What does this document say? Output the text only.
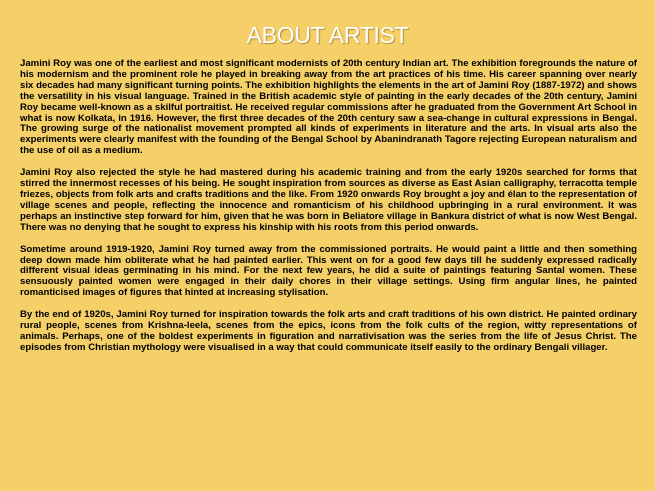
ABOUT ARTIST

Jamini Roy was one of the earliest and most significant modernists of 20th century Indian art. The exhibition foregrounds the nature of his modernism and the prominent role he played in breaking away from the art practices of his time. His career spanning over nearly six decades had many significant turning points. The exhibition highlights the elements in the art of Jamini Roy (1887-1972) and shows the versatility in his visual language. Trained in the British academic style of painting in the early decades of the 20th century, Jamini Roy became well-known as a skilful portraitist. He received regular commissions after he graduated from the Government Art School in what is now Kolkata, in 1916. However, the first three decades of the 20th century saw a sea-change in cultural expressions in Bengal. The growing surge of the nationalist movement prompted all kinds of experiments in literature and the arts. In visual arts also the experiments were clearly manifest with the founding of the Bengal School by Abanindranath Tagore rejecting European naturalism and the use of oil as a medium.

Jamini Roy also rejected the style he had mastered during his academic training and from the early 1920s searched for forms that stirred the innermost recesses of his being. He sought inspiration from sources as diverse as East Asian calligraphy, terracotta temple friezes, objects from folk arts and crafts traditions and the like. From 1920 onwards Roy brought a joy and élan to the representation of village scenes and people, reflecting the innocence and romanticism of his childhood upbringing in a rural environment. It was perhaps an instinctive step forward for him, given that he was born in Beliatore village in Bankura district of what is now West Bengal. There was no denying that he sought to express his kinship with his roots from this period onwards.

Sometime around 1919-1920, Jamini Roy turned away from the commissioned portraits. He would paint a little and then something deep down made him obliterate what he had painted earlier. This went on for a good few days till he suddenly expressed radically different visual ideas germinating in his mind. For the next few years, he did a suite of paintings featuring Santal women. These sensuously painted women were engaged in their daily chores in their village settings. Using firm angular lines, he painted romanticised images of figures that hinted at increasing stylisation.

By the end of 1920s, Jamini Roy turned for inspiration towards the folk arts and craft traditions of his own district. He painted ordinary rural people, scenes from Krishna-leela, scenes from the epics, icons from the folk cults of the region, witty representations of animals. Perhaps, one of the boldest experiments in figuration and narrativisation was the series from the life of Jesus Christ. The episodes from Christian mythology were visualised in a way that could communicate itself easily to the ordinary Bengali villager.
